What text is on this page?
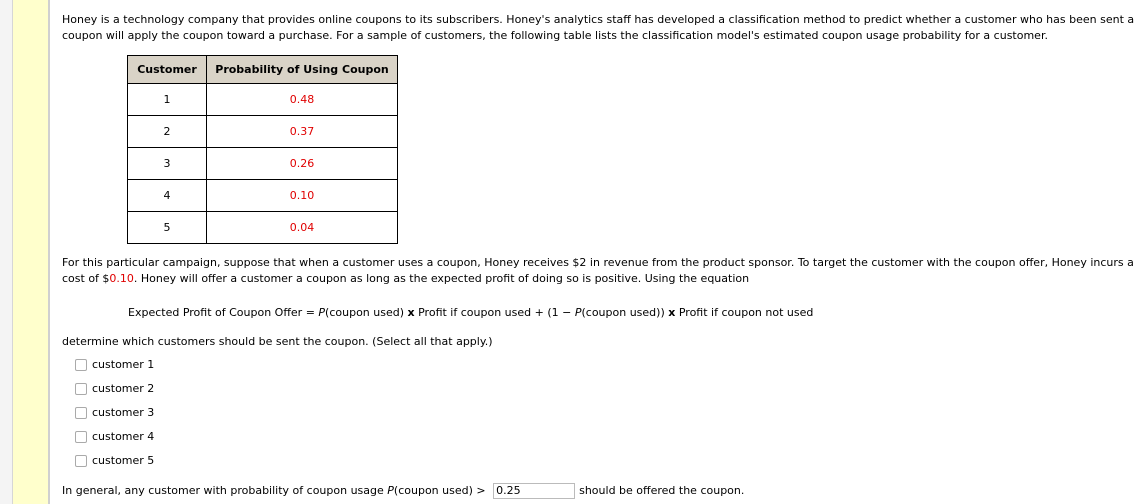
Honey is a technology company that provides online coupons to its subscribers. Honey's analytics staff has developed a classification method to predict whether a customer who has been sent a coupon will apply the coupon toward a purchase. For a sample of customers, the following table lists the classification model's estimated coupon usage probability for a customer.

Customer	Probability of Using Coupon
1	0.48
2	0.37
3	0.26
4	0.10
5	0.04

For this particular campaign, suppose that when a customer uses a coupon, Honey receives $2 in revenue from the product sponsor. To target the customer with the coupon offer, Honey incurs a cost of $0.10. Honey will offer a customer a coupon as long as the expected profit of doing so is positive. Using the equation

Expected Profit of Coupon Offer = P(coupon used) x Profit if coupon used + (1 − P(coupon used)) x Profit if coupon not used

determine which customers should be sent the coupon. (Select all that apply.)

customer 1
customer 2
customer 3
customer 4
customer 5
In general, any customer with probability of coupon usage P (coupon used) > 0.25	should be offered the coupon.
